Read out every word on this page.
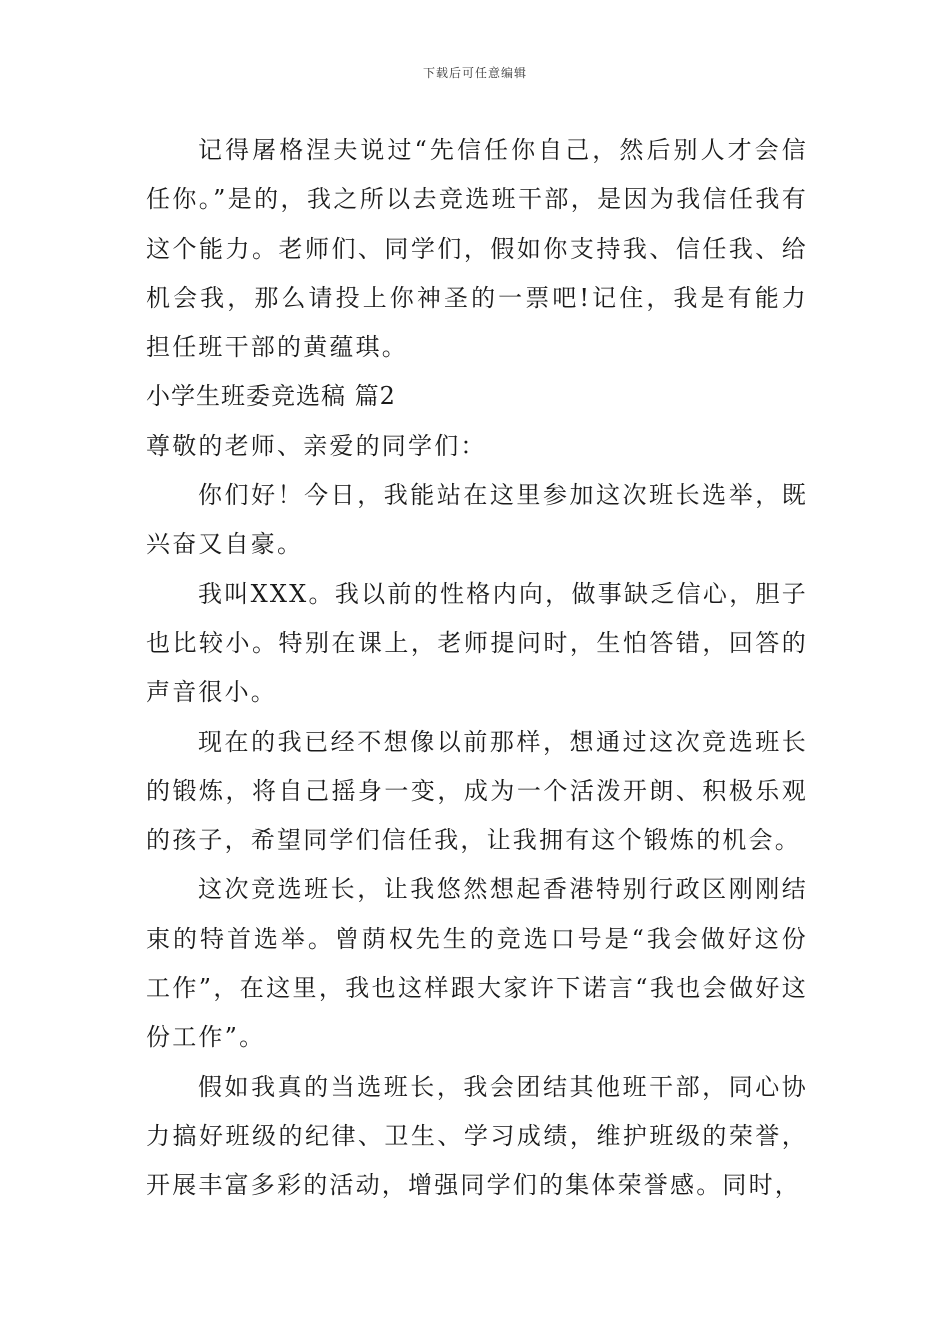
下载后可任意编辑

记得屠格涅夫说过“先信任你自己，然后别人才会信任你。”是的，我之所以去竞选班干部，是因为我信任我有这个能力。老师们、同学们，假如你支持我、信任我、给机会我，那么请投上你神圣的一票吧!记住，我是有能力担任班干部的黄蕴琪。

小学生班委竞选稿 篇2

尊敬的老师、亲爱的同学们：

你们好！今日，我能站在这里参加这次班长选举，既兴奋又自豪。

我叫XXX。我以前的性格内向，做事缺乏信心，胆子也比较小。特别在课上，老师提问时，生怕答错，回答的声音很小。

现在的我已经不想像以前那样，想通过这次竞选班长的锻炼，将自己摇身一变，成为一个活泼开朗、积极乐观的孩子，希望同学们信任我，让我拥有这个锻炼的机会。

这次竞选班长，让我悠然想起香港特别行政区刚刚结束的特首选举。曾荫权先生的竞选口号是“我会做好这份工作”，在这里，我也这样跟大家许下诺言“我也会做好这份工作”。

假如我真的当选班长，我会团结其他班干部，同心协力搞好班级的纪律、卫生、学习成绩，维护班级的荣誉，开展丰富多彩的活动，增强同学们的集体荣誉感。同时，
